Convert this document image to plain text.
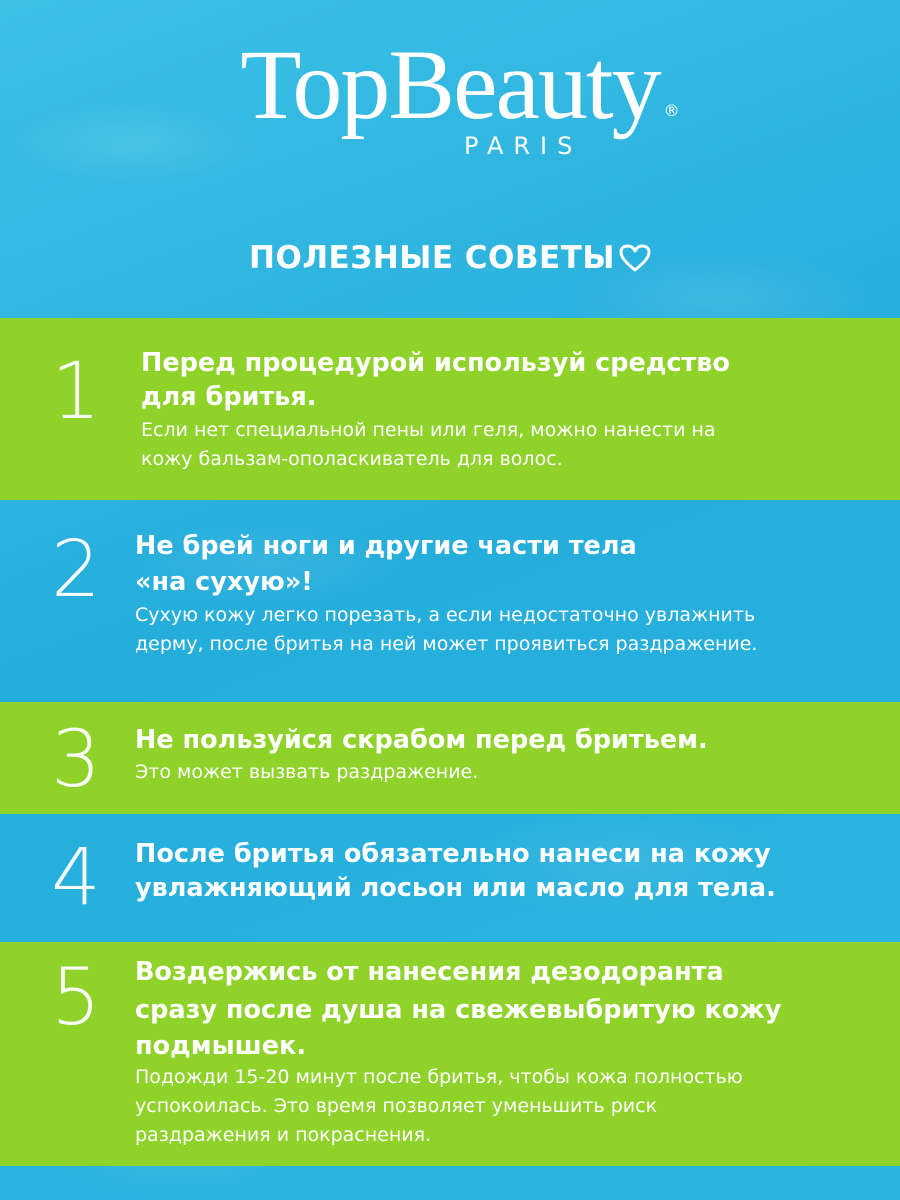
TopBeauty ®
PARIS
ПОЛЕЗНЫЕ СОВЕТЫ
1 Перед процедурой используй средство
для бритья.
Если нет специальной пены или геля, можно нанести на
кожу бальзам-ополаскиватель для волос.
2 Не брей ноги и другие части тела
«на сухую»!
Сухую кожу легко порезать, а если недостаточно увлажнить
дерму, после бритья на ней может проявиться раздражение.
3 Не пользуйся скрабом перед бритьем.
Это может вызвать раздражение.
4 После бритья обязательно нанеси на кожу
увлажняющий лосьон или масло для тела.
5 Воздержись от нанесения дезодоранта
сразу после душа на свежевыбритую кожу
подмышек.
Подожди 15-20 минут после бритья, чтобы кожа полностью
успокоилась. Это время позволяет уменьшить риск
раздражения и покраснения.
